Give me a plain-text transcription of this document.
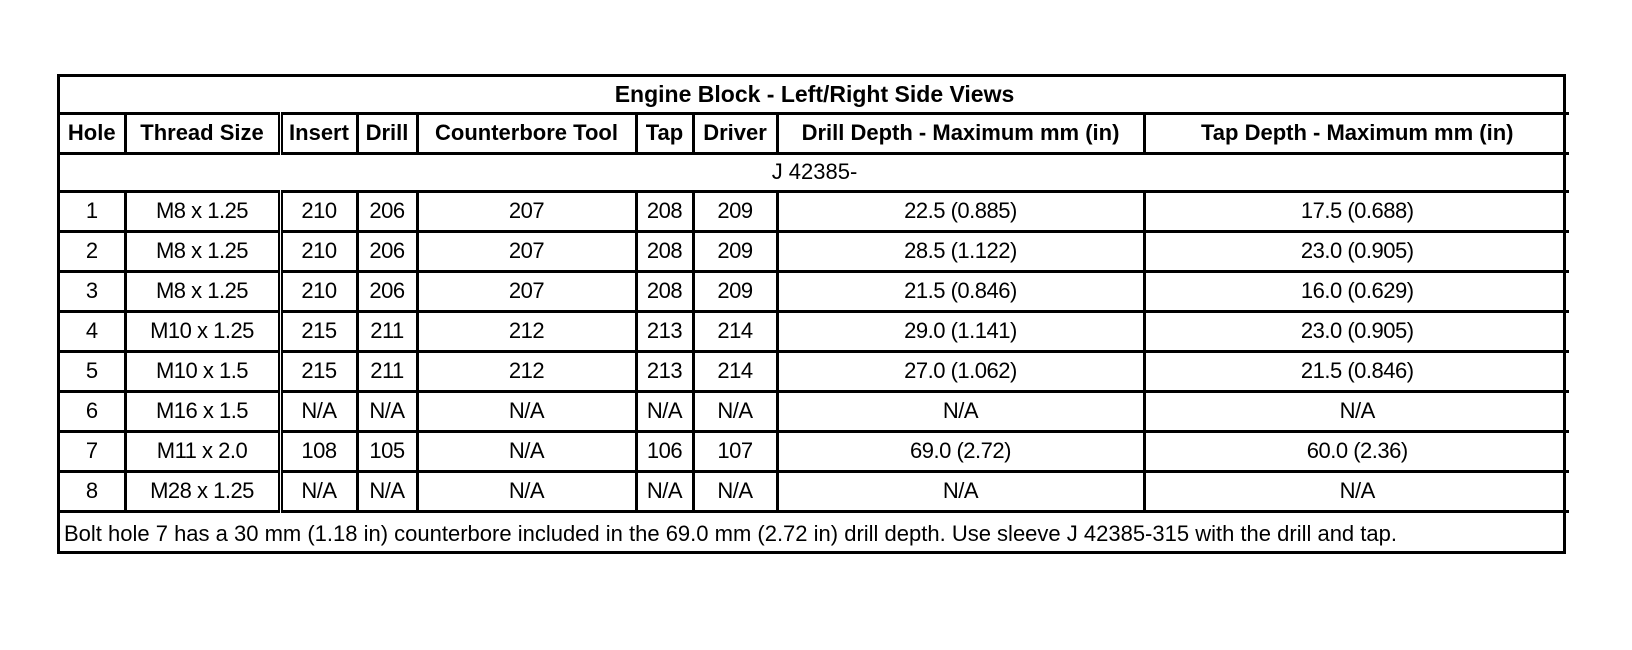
Engine Block - Left/Right Side Views								
Hole	Thread Size	Insert	Drill	Counterbore Tool	Tap	Driver	Drill Depth - Maximum mm (in)	Tap Depth - Maximum mm (in)
J 42385-								
1	M8 x 1.25	210	206	207	208	209	22.5 (0.885)	17.5 (0.688)
2	M8 x 1.25	210	206	207	208	209	28.5 (1.122)	23.0 (0.905)
3	M8 x 1.25	210	206	207	208	209	21.5 (0.846)	16.0 (0.629)
4	M10 x 1.25	215	211	212	213	214	29.0 (1.141)	23.0 (0.905)
5	M10 x 1.5	215	211	212	213	214	27.0 (1.062)	21.5 (0.846)
6	M16 x 1.5	N/A	N/A	N/A	N/A	N/A	N/A	N/A
7	M11 x 2.0	108	105	N/A	106	107	69.0 (2.72)	60.0 (2.36)
8	M28 x 1.25	N/A	N/A	N/A	N/A	N/A	N/A	N/A
Bolt hole 7 has a 30 mm (1.18 in) counterbore included in the 69.0 mm (2.72 in) drill depth. Use sleeve J 42385-315 with the drill and tap.								
